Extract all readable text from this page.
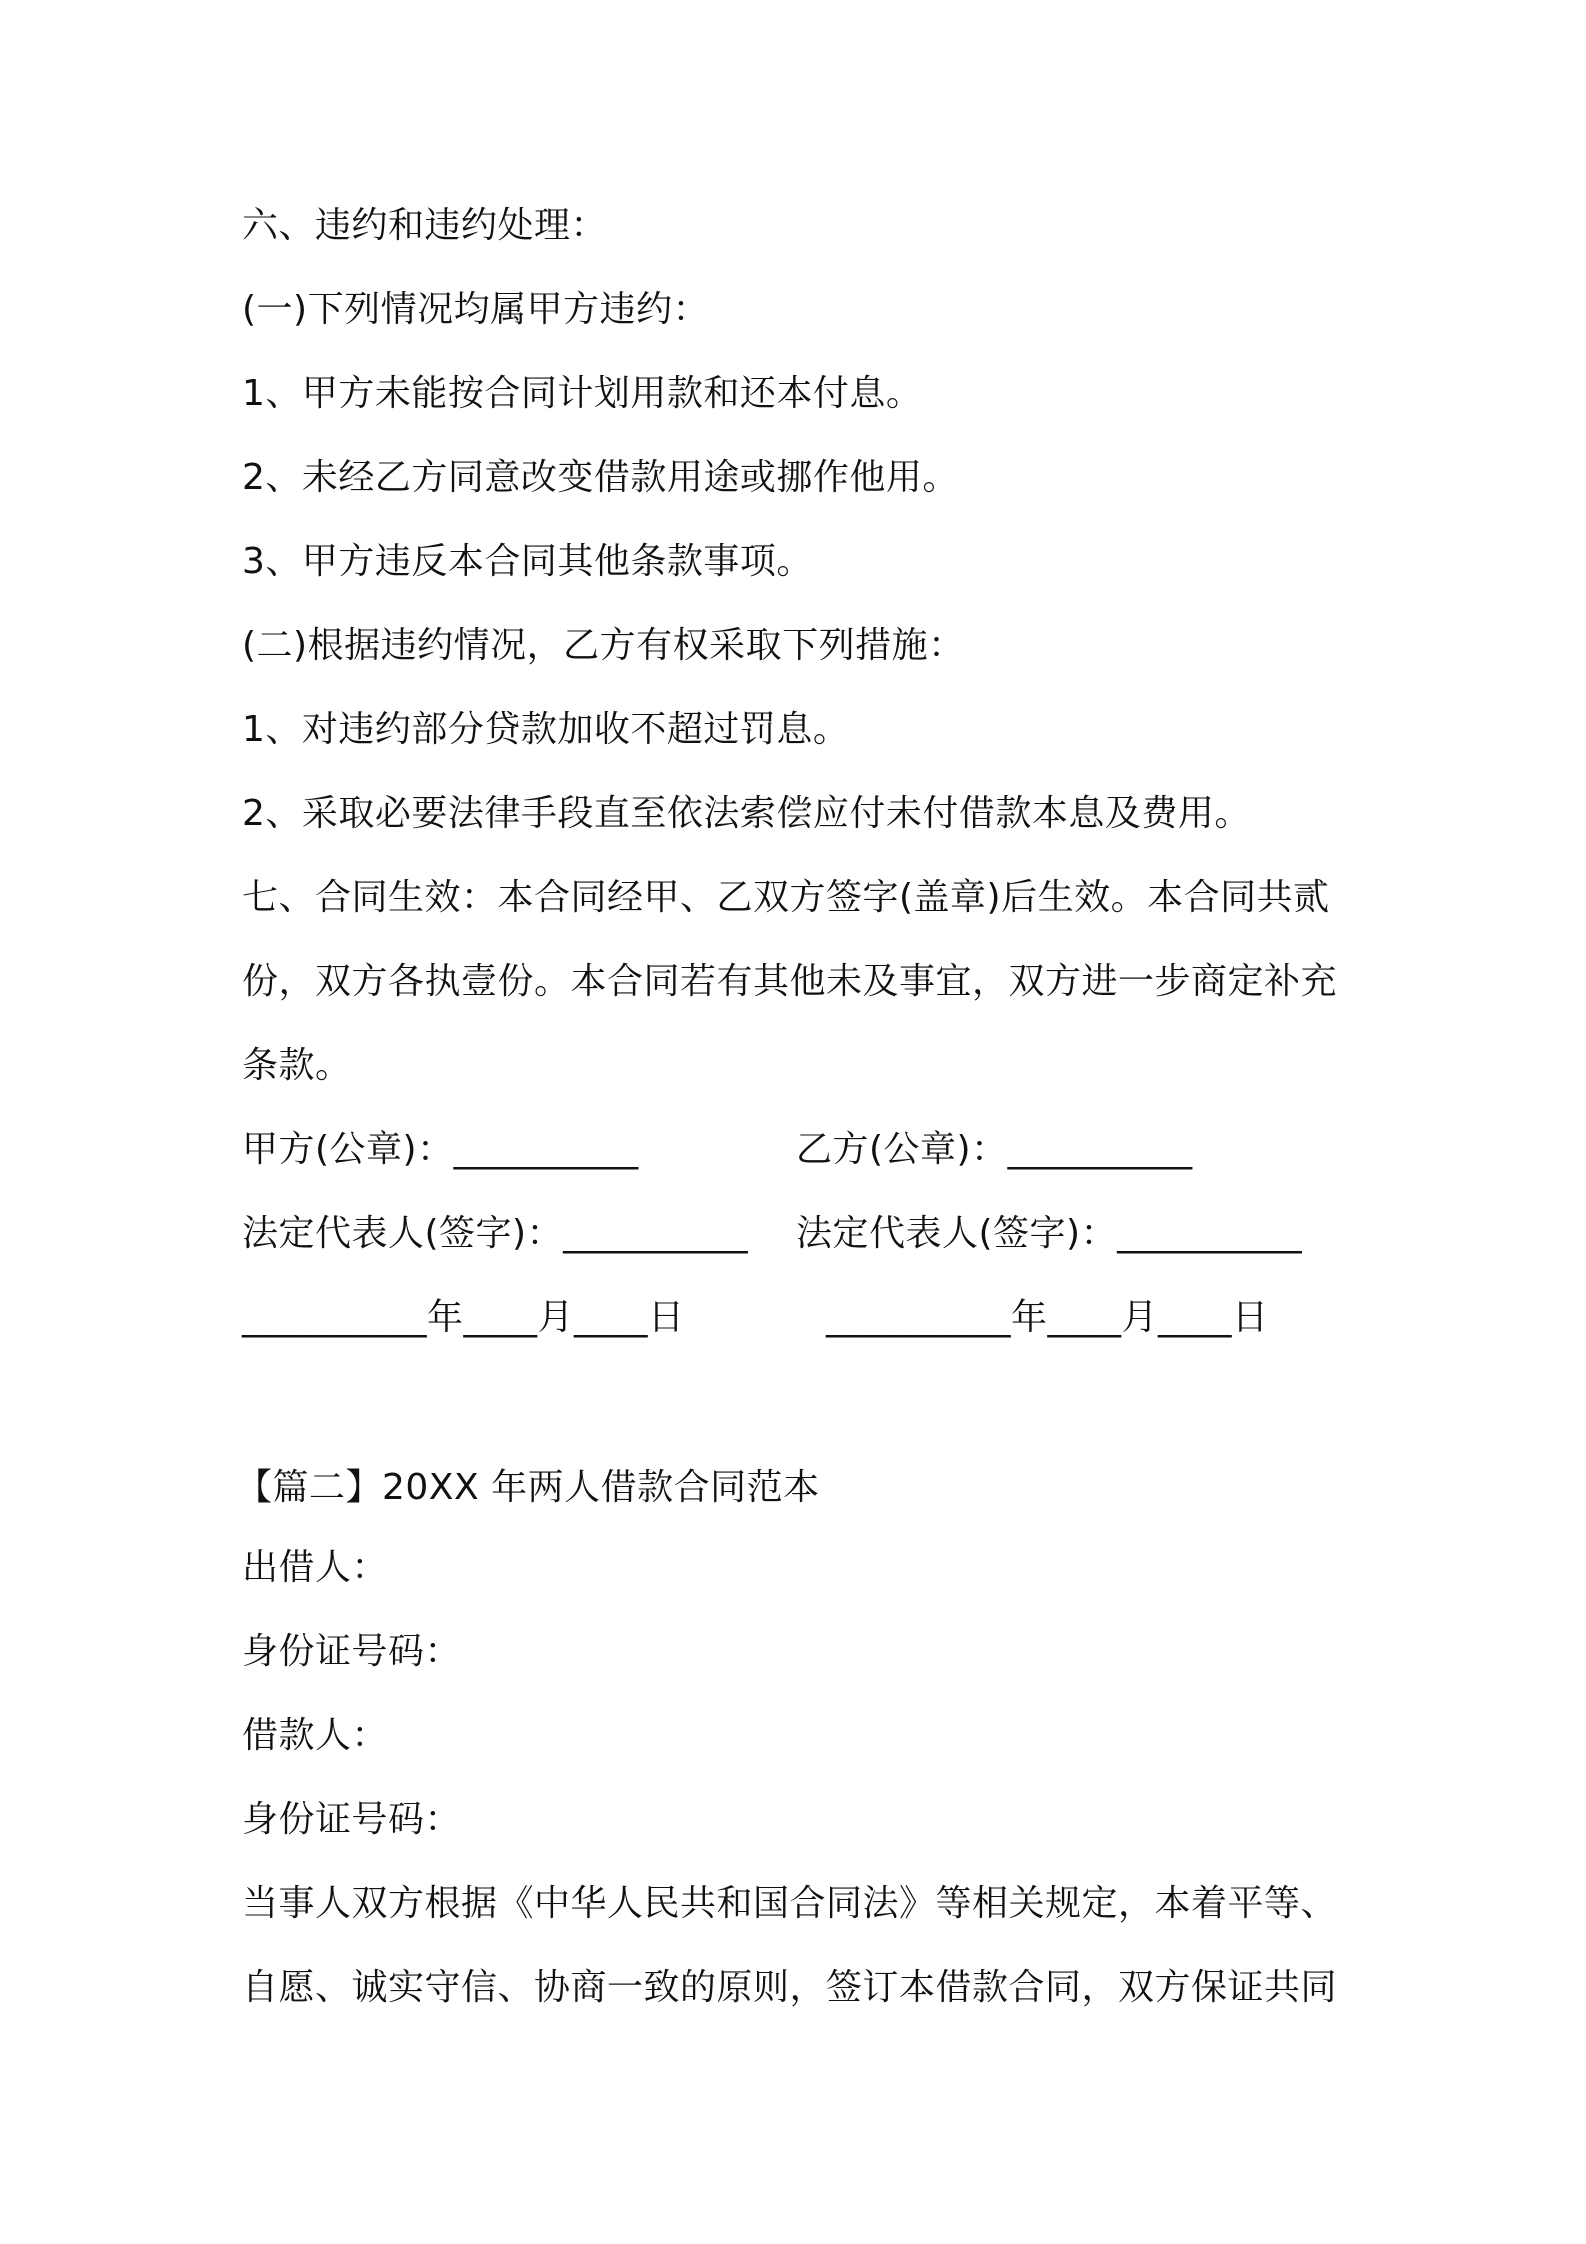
六、违约和违约处理：
(一)下列情况均属甲方违约：
1、甲方未能按合同计划用款和还本付息。
2、未经乙方同意改变借款用途或挪作他用。
3、甲方违反本合同其他条款事项。
(二)根据违约情况，乙方有权采取下列措施：
1、对违约部分贷款加收不超过罚息。
2、采取必要法律手段直至依法索偿应付未付借款本息及费用。
七、合同生效：本合同经甲、乙双方签字(盖章)后生效。本合同共贰
份，双方各执壹份。本合同若有其他未及事宜，双方进一步商定补充
条款。
甲方(公章)：__________	乙方(公章)：__________
法定代表人(签字)：__________ 法定代表人(签字)：__________
__________年____月____日	__________年____月____日
【篇二】20XX 年两人借款合同范本
出借人：
身份证号码：
借款人：
身份证号码：
当事人双方根据《中华人民共和国合同法》等相关规定，本着平等、
自愿、诚实守信、协商一致的原则，签订本借款合同，双方保证共同
